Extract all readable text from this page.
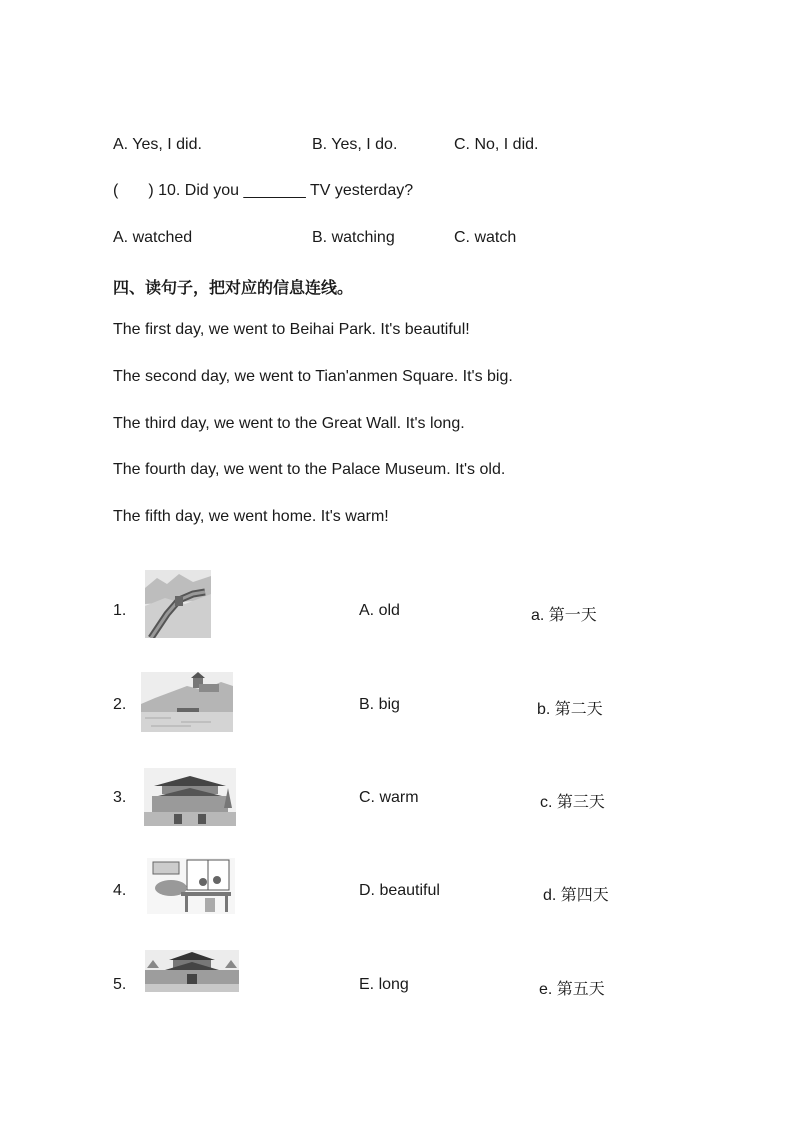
A. Yes, I did.	B. Yes, I do.	C. No, I did.
( ) 10. Did you _______ TV yesterday?
A. watched	B. watching	C. watch
四、读句子，把对应的信息连线。
The first day, we went to Beihai Park. It's beautiful!
The second day, we went to Tian'anmen Square. It's big.
The third day, we went to the Great Wall. It's long.
The fourth day, we went to the Palace Museum. It's old.
The fifth day, we went home. It's warm!
1.	A. old	a. 第一天
2.	B. big	b. 第二天
3.	C. warm	c. 第三天
4.	D. beautiful	d. 第四天
5.	E. long	e. 第五天
